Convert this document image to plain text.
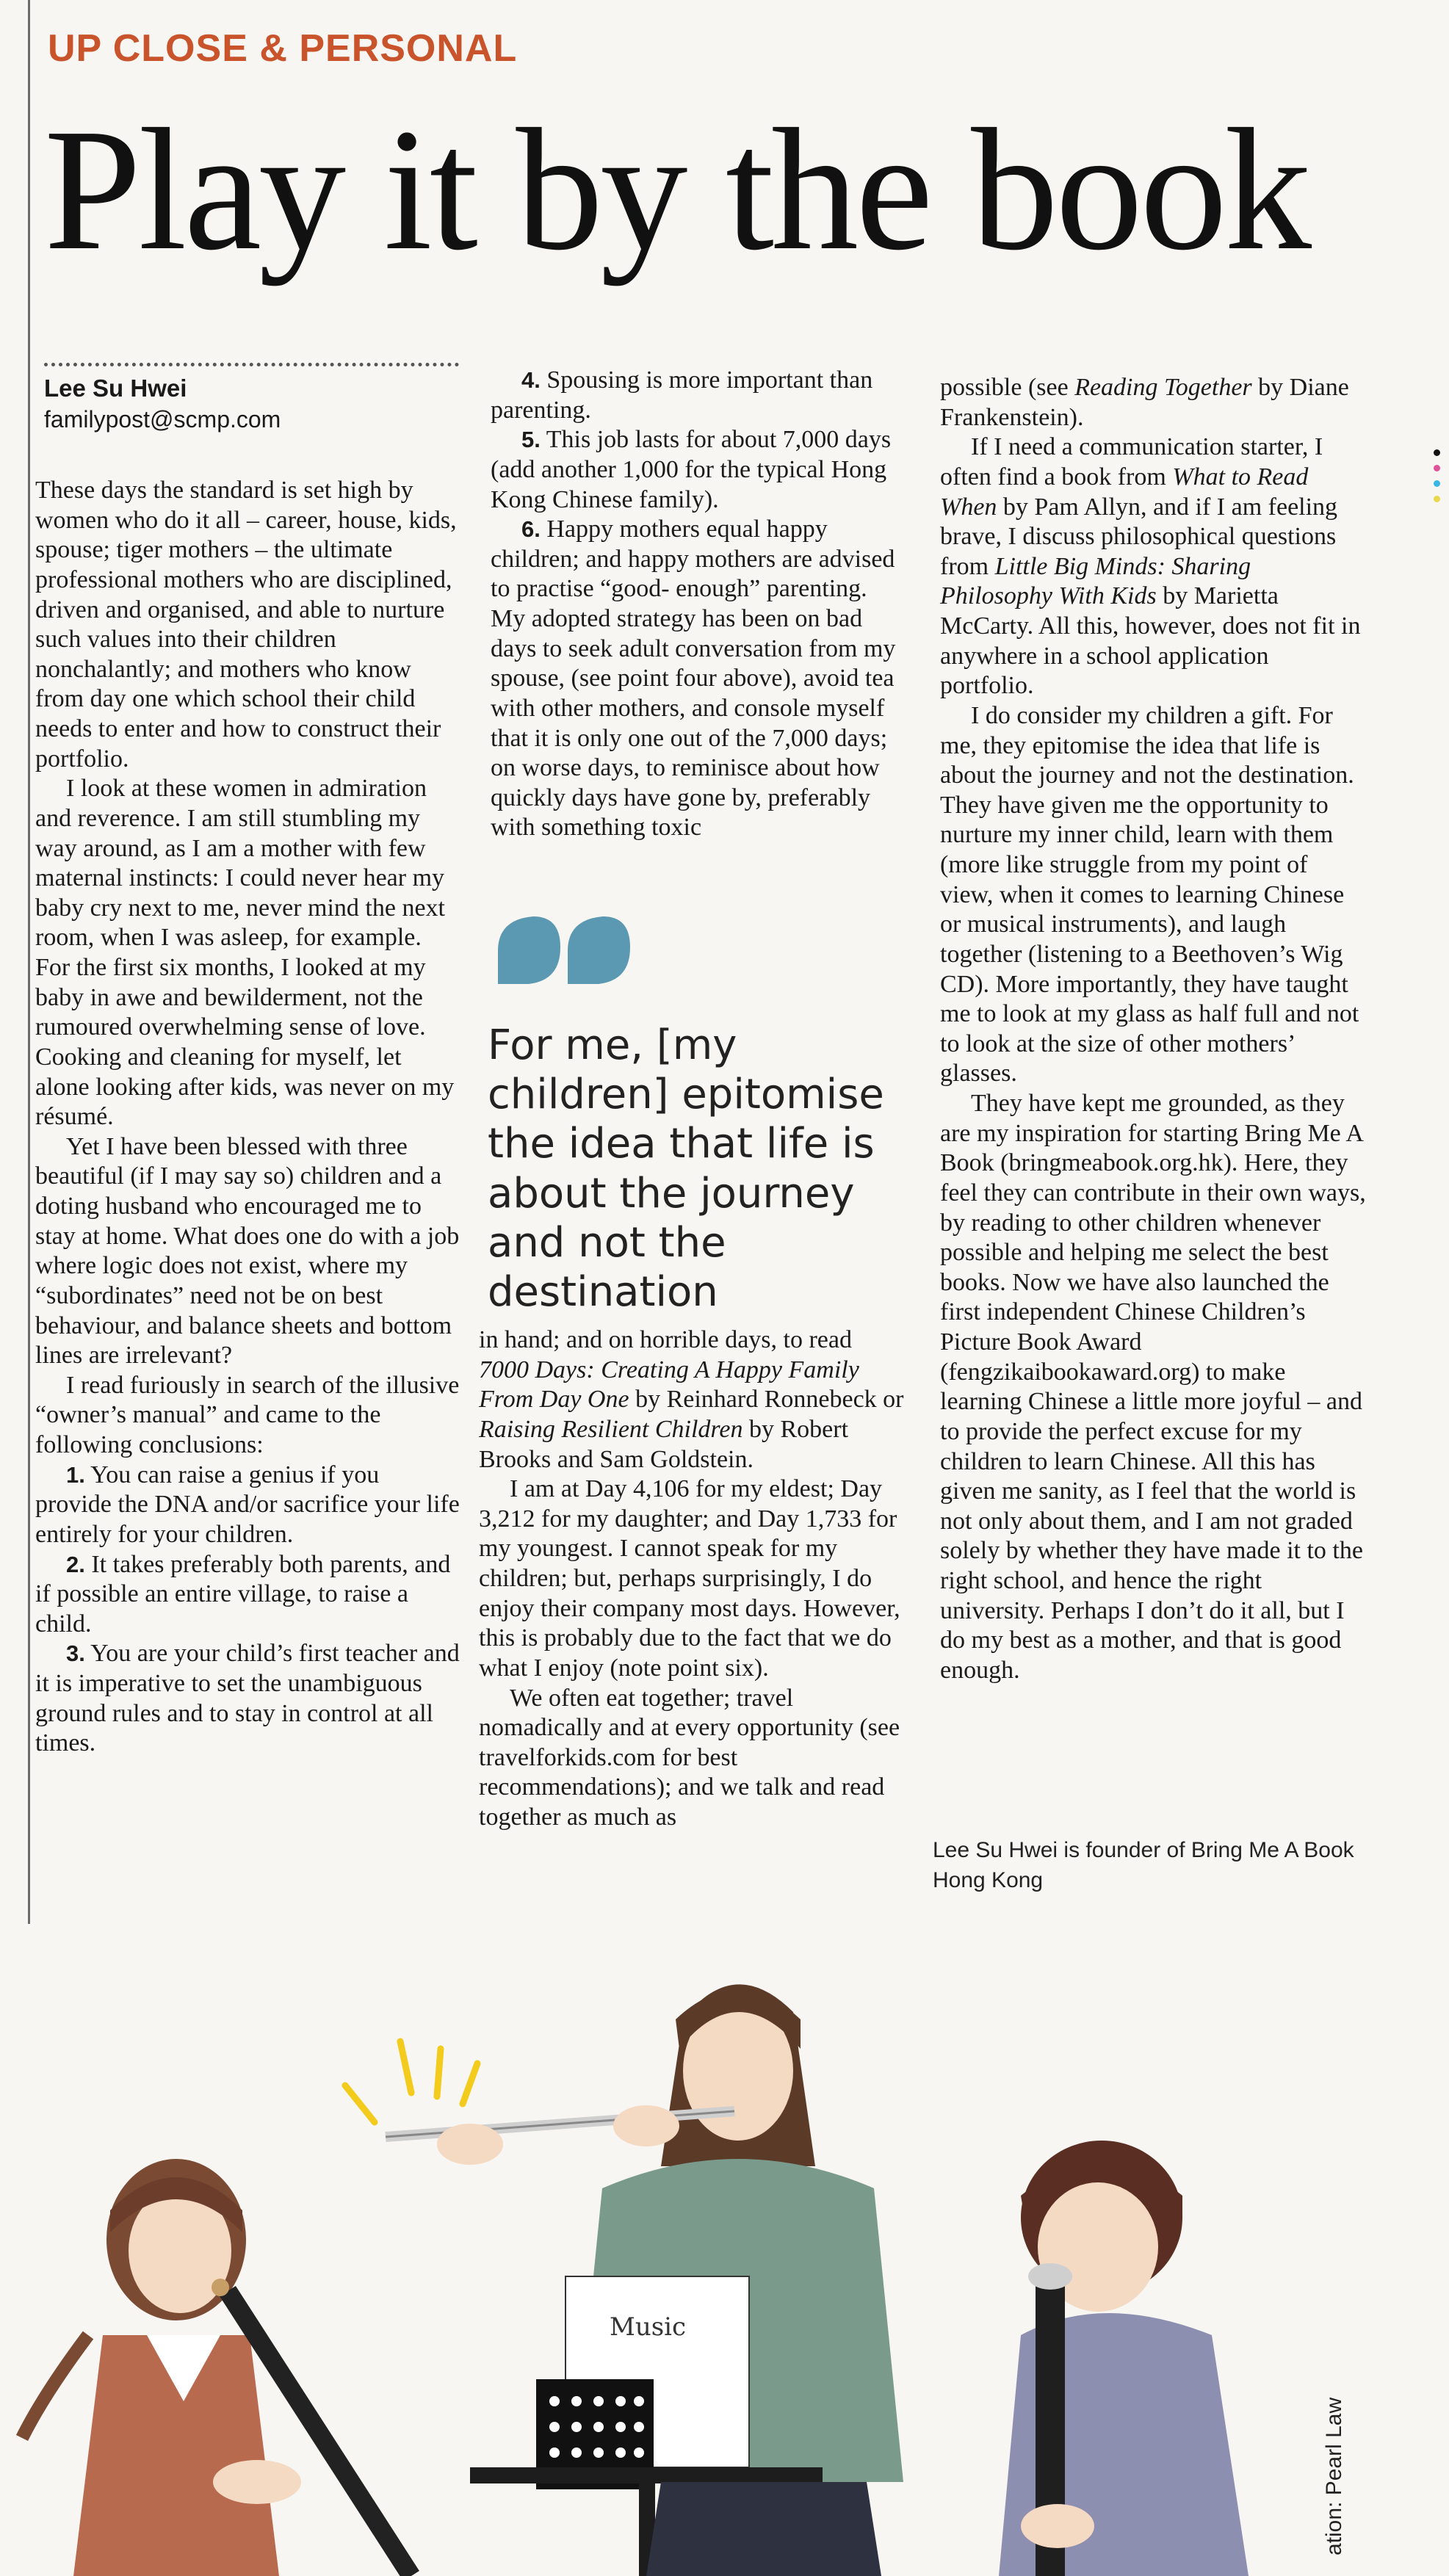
UP CLOSE & PERSONAL
Play it by the book
Lee Su Hwei
familypost@scmp.com

These days the standard is set high by women who do it all – career, house, kids, spouse; tiger mothers – the ultimate professional mothers who are disciplined, driven and organised, and able to nurture such values into their children nonchalantly; and mothers who know from day one which school their child needs to enter and how to construct their portfolio.

I look at these women in admiration and reverence. I am still stumbling my way around, as I am a mother with few maternal instincts: I could never hear my baby cry next to me, never mind the next room, when I was asleep, for example. For the first six months, I looked at my baby in awe and bewilderment, not the rumoured overwhelming sense of love. Cooking and cleaning for myself, let alone looking after kids, was never on my résumé.

Yet I have been blessed with three beautiful (if I may say so) children and a doting husband who encouraged me to stay at home. What does one do with a job where logic does not exist, where my “subordinates” need not be on best behaviour, and balance sheets and bottom lines are irrelevant?

I read furiously in search of the illusive “owner’s manual” and came to the following conclusions:

1. You can raise a genius if you provide the DNA and/or sacrifice your life entirely for your children.

2. It takes preferably both parents, and if possible an entire village, to raise a child.

3. You are your child’s first teacher and it is imperative to set the unambiguous ground rules and to stay in control at all times.

4. Spousing is more important than parenting.

5. This job lasts for about 7,000 days (add another 1,000 for the typical Hong Kong Chinese family).

6. Happy mothers equal happy children; and happy mothers are advised to practise “good- enough” parenting. My adopted strategy has been on bad days to seek adult conversation from my spouse, (see point four above), avoid tea with other mothers, and console myself that it is only one out of the 7,000 days; on worse days, to reminisce about how quickly days have gone by, preferably with something toxic

For me, [my children] epitomise the idea that life is about the journey and not the destination

in hand; and on horrible days, to read 7000 Days: Creating A Happy Family From Day One by Reinhard Ronnebeck or Raising Resilient Children by Robert Brooks and Sam Goldstein.

I am at Day 4,106 for my eldest; Day 3,212 for my daughter; and Day 1,733 for my youngest. I cannot speak for my children; but, perhaps surprisingly, I do enjoy their company most days. However, this is probably due to the fact that we do what I enjoy (note point six).

We often eat together; travel nomadically and at every opportunity (see travelforkids.com for best recommendations); and we talk and read together as much as

possible (see Reading Together by Diane Frankenstein).

If I need a communication starter, I often find a book from What to Read When by Pam Allyn, and if I am feeling brave, I discuss philosophical questions from Little Big Minds: Sharing Philosophy With Kids by Marietta McCarty. All this, however, does not fit in anywhere in a school application portfolio.

I do consider my children a gift. For me, they epitomise the idea that life is about the journey and not the destination. They have given me the opportunity to nurture my inner child, learn with them (more like struggle from my point of view, when it comes to learning Chinese or musical instruments), and laugh together (listening to a Beethoven’s Wig CD). More importantly, they have taught me to look at my glass as half full and not to look at the size of other mothers’ glasses.

They have kept me grounded, as they are my inspiration for starting Bring Me A Book (bringmeabook.org.hk). Here, they feel they can contribute in their own ways, by reading to other children whenever possible and helping me select the best books. Now we have also launched the first independent Chinese Children’s Picture Book Award (fengzikaibookaward.org) to make learning Chinese a little more joyful – and to provide the perfect excuse for my children to learn Chinese. All this has given me sanity, as I feel that the world is not only about them, and I am not graded solely by whether they have made it to the right school, and hence the right university. Perhaps I don’t do it all, but I do my best as a mother, and that is good enough.

Lee Su Hwei is founder of Bring Me A Book Hong Kong
Music
ation: Pearl Law
